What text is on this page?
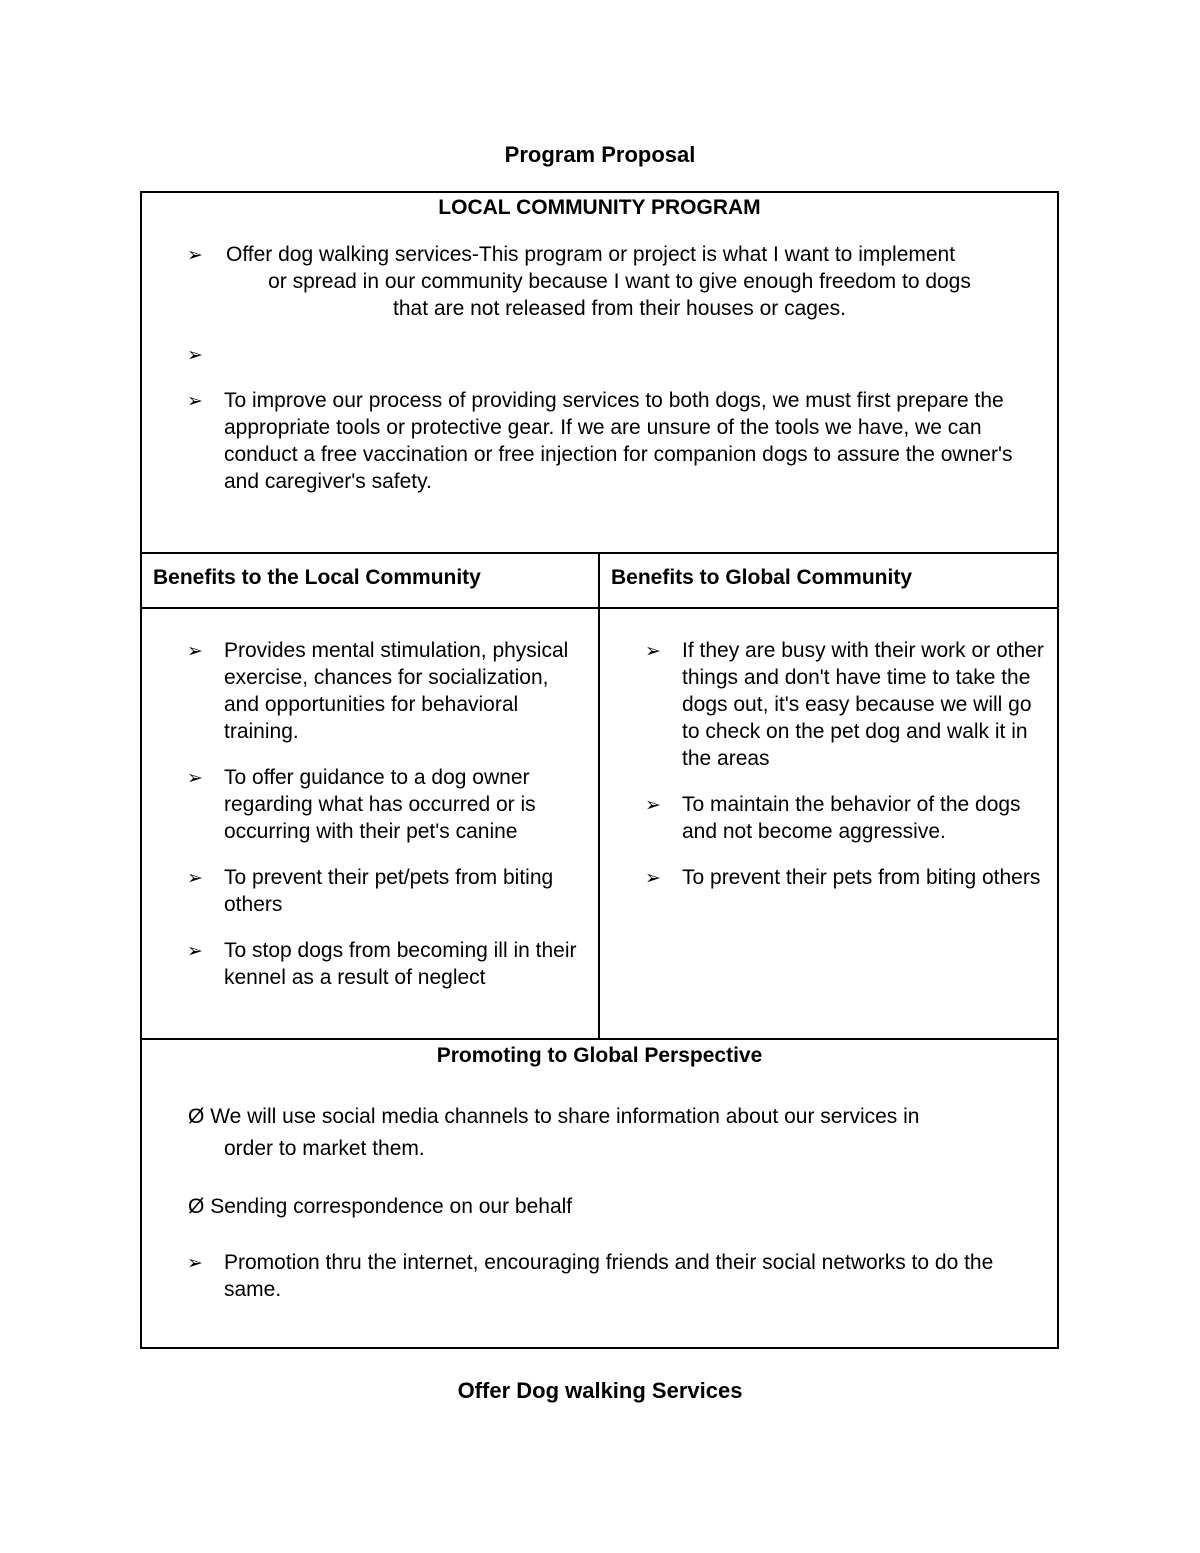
Program Proposal
LOCAL COMMUNITY PROGRAM
➢ Offer dog walking services-This program or project is what I want to implement
or spread in our community because I want to give enough freedom to dogs
that are not released from their houses or cages.
➢
➢ To improve our process of providing services to both dogs, we must first prepare the appropriate tools or protective gear. If we are unsure of the tools we have, we can conduct a free vaccination or free injection for companion dogs to assure the owner's and caregiver's safety.
Benefits to the Local Community	Benefits to Global Community
➢ Provides mental stimulation, physical exercise, chances for socialization, and opportunities for behavioral training.
➢ To offer guidance to a dog owner regarding what has occurred or is occurring with their pet's canine
➢ To prevent their pet/pets from biting others
➢ To stop dogs from becoming ill in their kennel as a result of neglect
➢ If they are busy with their work or other things and don't have time to take the dogs out, it's easy because we will go to check on the pet dog and walk it in the areas
➢ To maintain the behavior of the dogs and not become aggressive.
➢ To prevent their pets from biting others
Promoting to Global Perspective
Ø We will use social media channels to share information about our services in
order to market them.
Ø Sending correspondence on our behalf
➢ Promotion thru the internet, encouraging friends and their social networks to do the same.
Offer Dog walking Services
